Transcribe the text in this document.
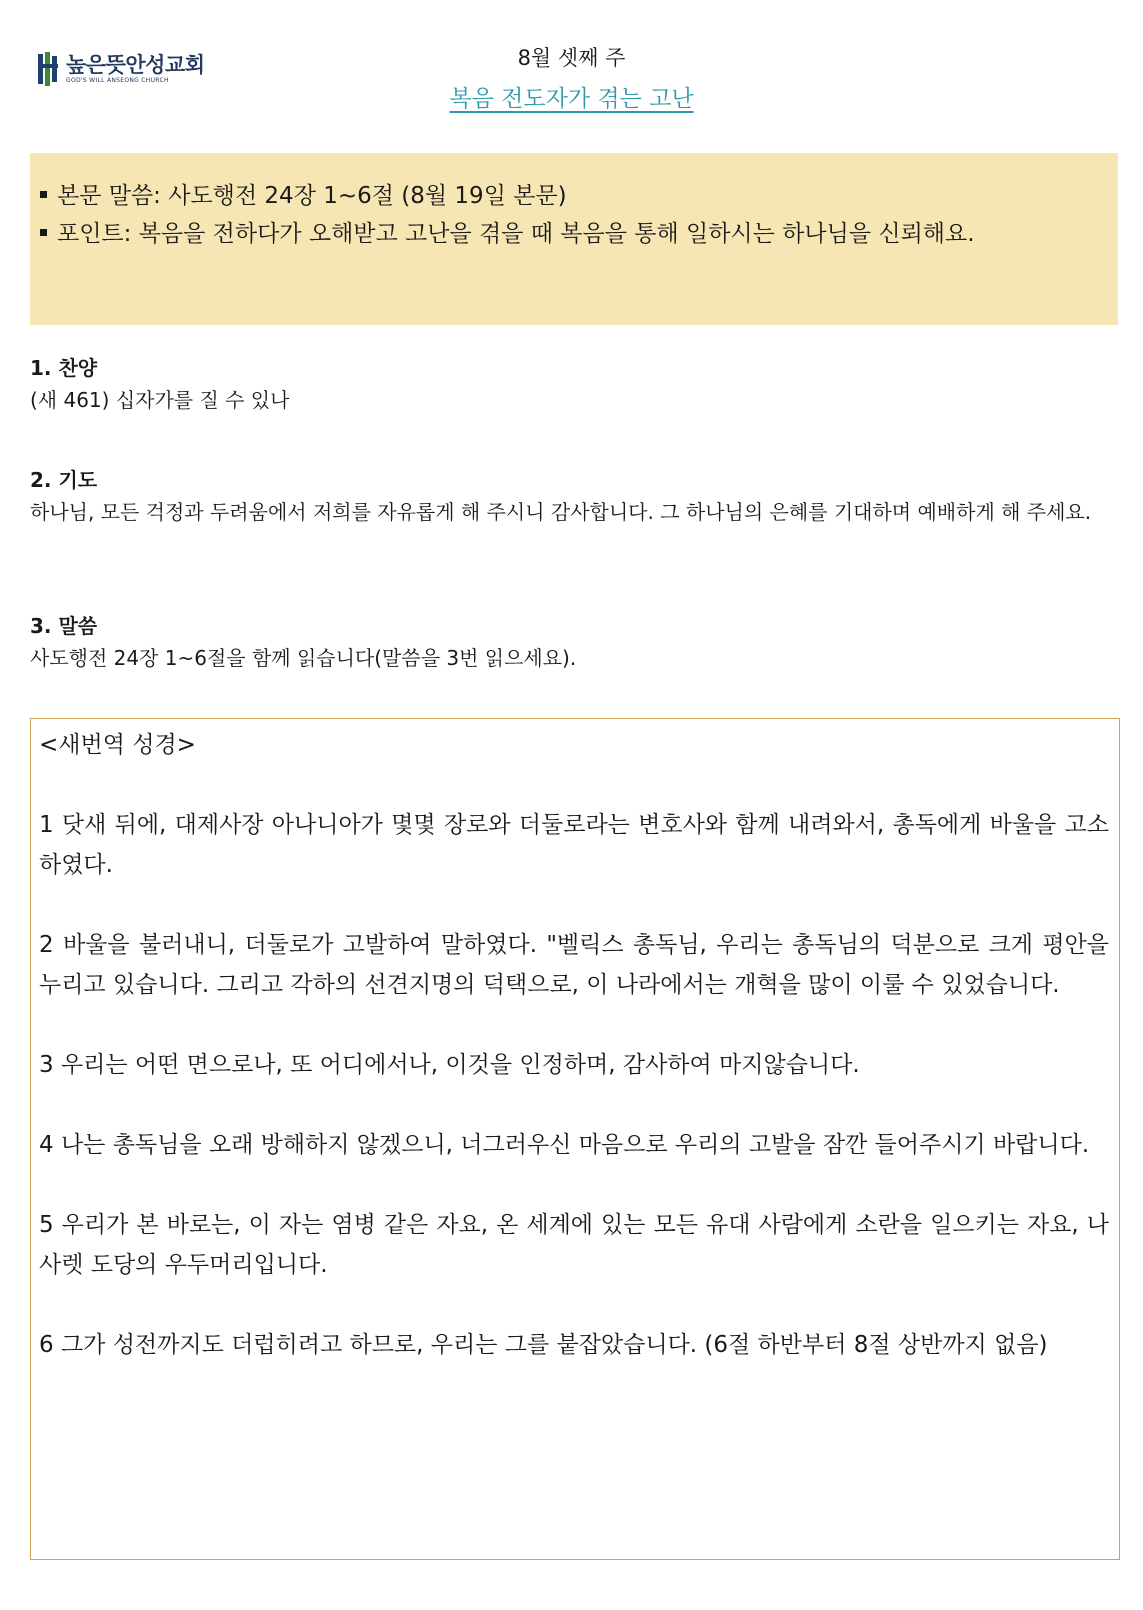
높은뜻안성교회
GOD'S WILL ANSEONG CHURCH
8월 셋째 주
복음 전도자가 겪는 고난

본문 말씀: 사도행전 24장 1~6절 (8월 19일 본문)

포인트: 복음을 전하다가 오해받고 고난을 겪을 때 복음을 통해 일하시는 하나님을 신뢰해요.

1. 찬양

(새 461) 십자가를 질 수 있나

2. 기도

하나님, 모든 걱정과 두려움에서 저희를 자유롭게 해 주시니 감사합니다. 그 하나님의 은혜를 기대하며 예배하게 해 주세요.

3. 말씀

사도행전 24장 1~6절을 함께 읽습니다(말씀을 3번 읽으세요).

<새번역 성경>

1 닷새 뒤에, 대제사장 아나니아가 몇몇 장로와 더둘로라는 변호사와 함께 내려와서, 총독에게 바울을 고소하였다.

2 바울을 불러내니, 더둘로가 고발하여 말하였다. "벨릭스 총독님, 우리는 총독님의 덕분으로 크게 평안을 누리고 있습니다. 그리고 각하의 선견지명의 덕택으로, 이 나라에서는 개혁을 많이 이룰 수 있었습니다.

3 우리는 어떤 면으로나, 또 어디에서나, 이것을 인정하며, 감사하여 마지않습니다.

4 나는 총독님을 오래 방해하지 않겠으니, 너그러우신 마음으로 우리의 고발을 잠깐 들어주시기 바랍니다.

5 우리가 본 바로는, 이 자는 염병 같은 자요, 온 세계에 있는 모든 유대 사람에게 소란을 일으키는 자요, 나사렛 도당의 우두머리입니다.

6 그가 성전까지도 더럽히려고 하므로, 우리는 그를 붙잡았습니다. (6절 하반부터 8절 상반까지 없음)
